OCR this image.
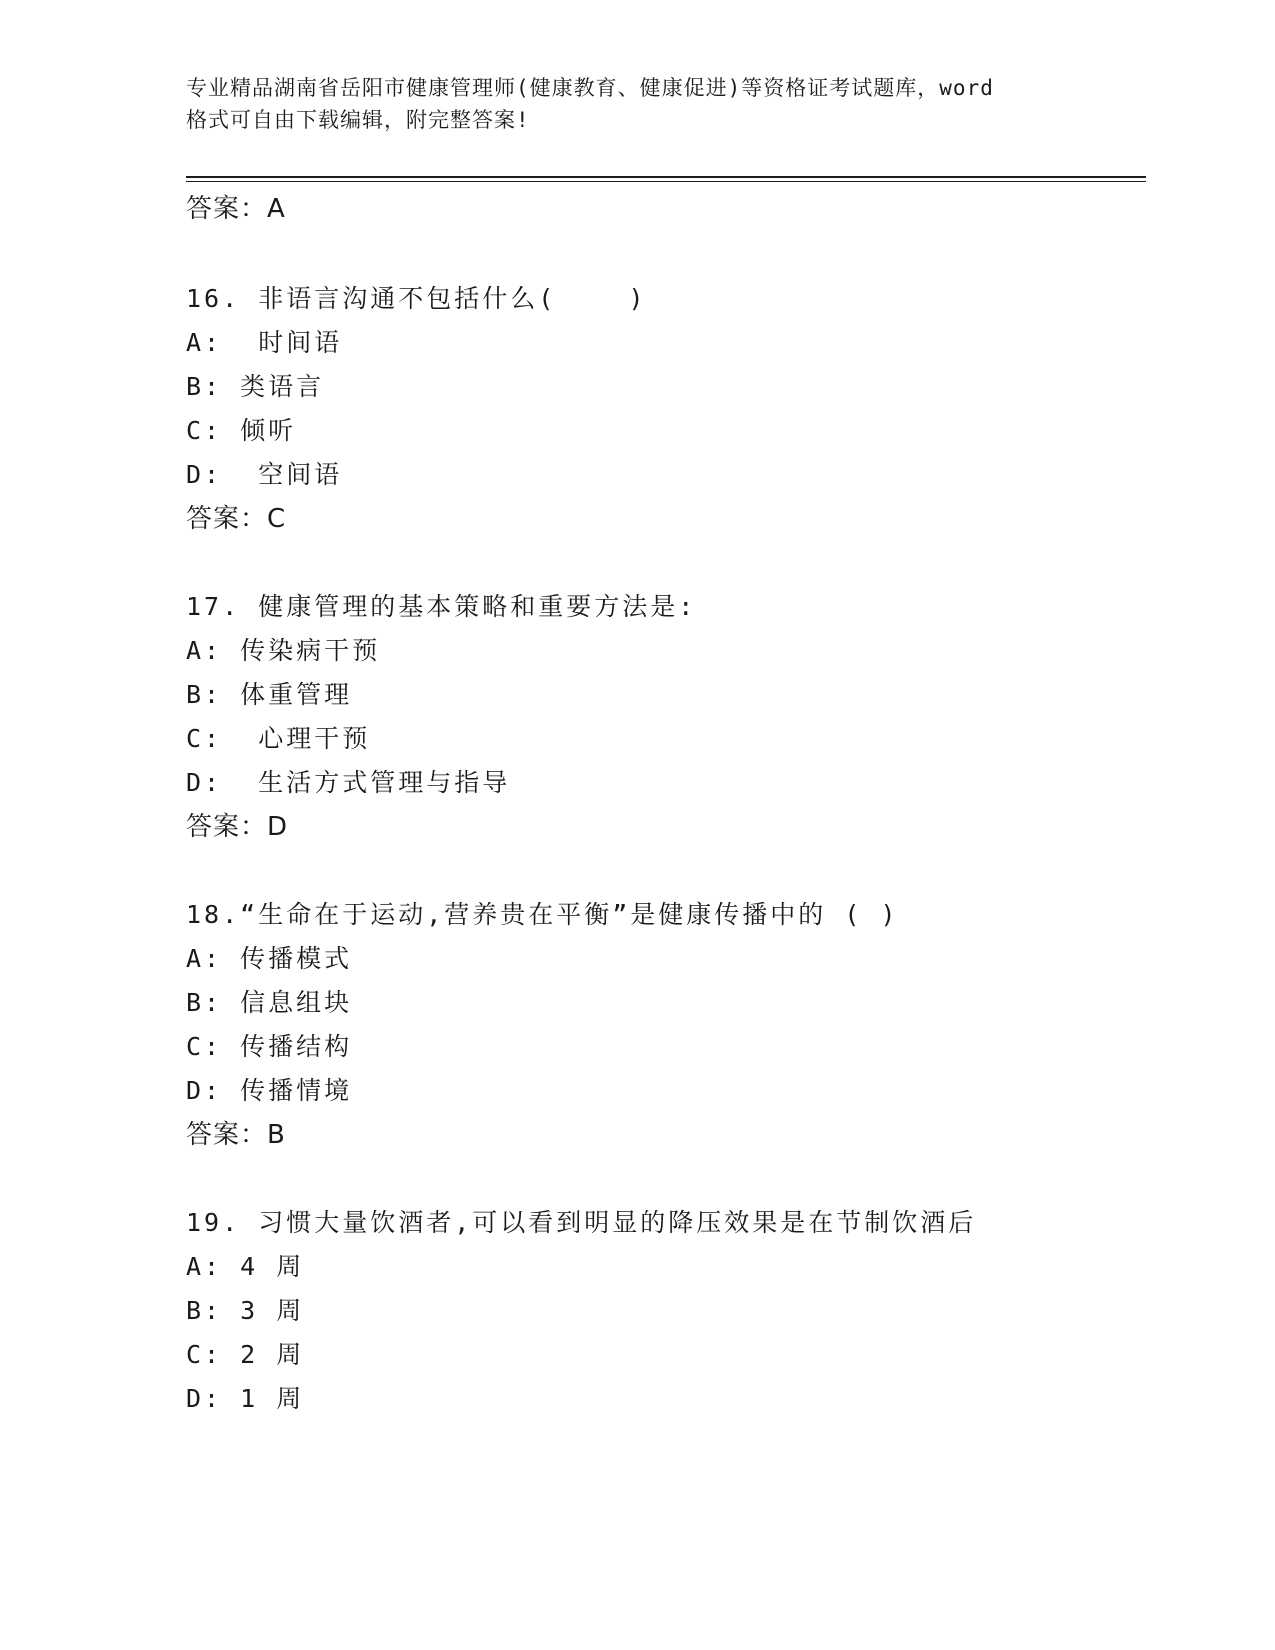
专业精品湖南省岳阳市健康管理师(健康教育、健康促进)等资格证考试题库，word
格式可自由下载编辑，附完整答案!
答案：A
16. 非语言沟通不包括什么(    )
A:  时间语
B: 类语言
C: 倾听
D:  空间语
答案：C
17. 健康管理的基本策略和重要方法是:
A: 传染病干预
B: 体重管理
C:  心理干预
D:  生活方式管理与指导
答案：D
18.“生命在于运动,营养贵在平衡”是健康传播中的 ( )
A: 传播模式
B: 信息组块
C: 传播结构
D: 传播情境
答案：B
19. 习惯大量饮酒者,可以看到明显的降压效果是在节制饮酒后
A: 4 周
B: 3 周
C: 2 周
D: 1 周
